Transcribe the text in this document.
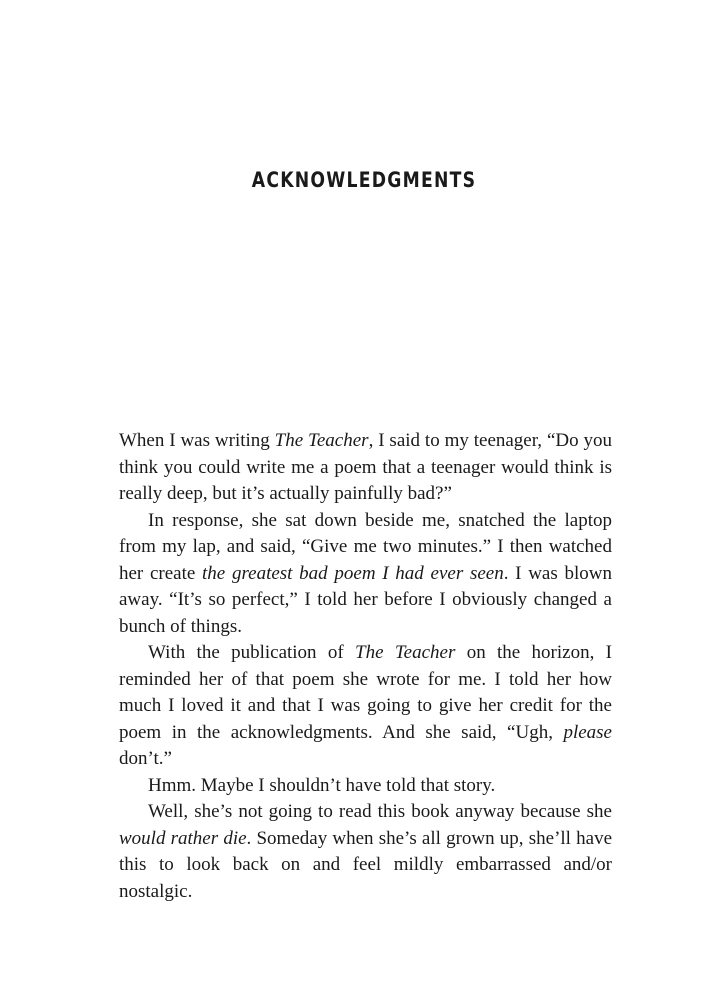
ACKNOWLEDGMENTS

When I was writing The Teacher, I said to my teenager, “Do you think you could write me a poem that a teenager would think is really deep, but it’s actually painfully bad?”

In response, she sat down beside me, snatched the laptop from my lap, and said, “Give me two minutes.” I then watched her create the greatest bad poem I had ever seen. I was blown away. “It’s so perfect,” I told her before I obviously changed a bunch of things.

With the publication of The Teacher on the horizon, I reminded her of that poem she wrote for me. I told her how much I loved it and that I was going to give her credit for the poem in the acknowledgments. And she said, “Ugh, please don’t.”

Hmm. Maybe I shouldn’t have told that story.

Well, she’s not going to read this book anyway because she would rather die. Someday when she’s all grown up, she’ll have this to look back on and feel mildly embarrassed and/or nostalgic.
